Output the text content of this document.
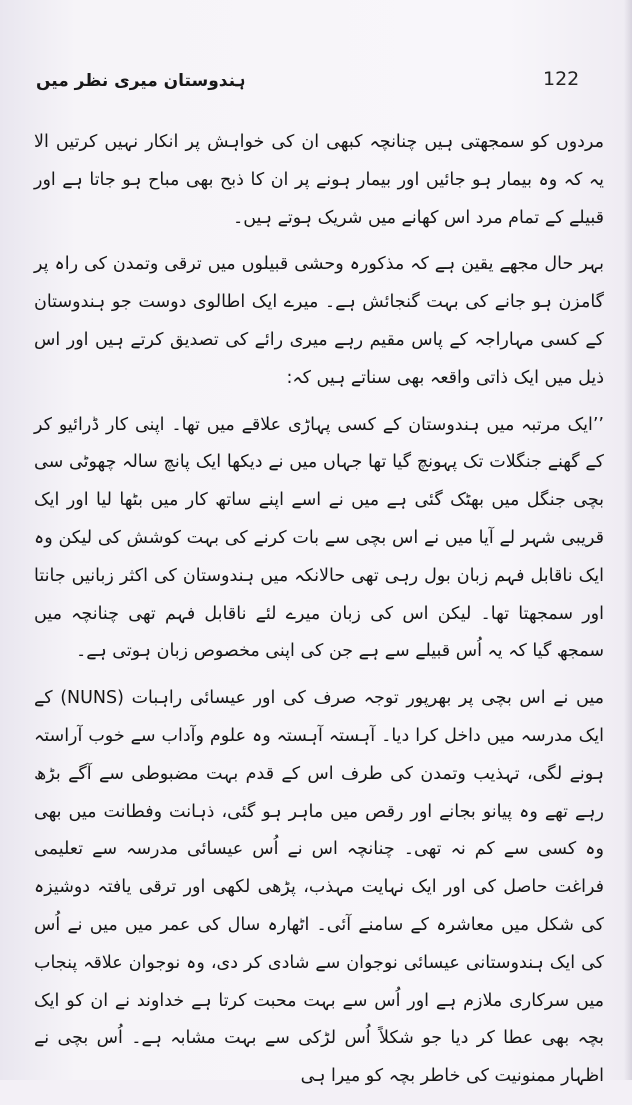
122
ہندوستان میری نظر میں

مردوں کو سمجھتی ہیں چنانچہ کبھی ان کی خواہش پر انکار نہیں کرتیں الا یہ کہ وہ بیمار ہو جائیں اور بیمار ہونے پر ان کا ذبح بھی مباح ہو جاتا ہے اور قبیلے کے تمام مرد اس کھانے میں شریک ہوتے ہیں۔

بہر حال مجھے یقین ہے کہ مذکورہ وحشی قبیلوں میں ترقی وتمدن کی راہ پر گامزن ہو جانے کی بہت گنجائش ہے۔ میرے ایک اطالوی دوست جو ہندوستان کے کسی مہاراجہ کے پاس مقیم رہے میری رائے کی تصدیق کرتے ہیں اور اس ذیل میں ایک ذاتی واقعہ بھی سناتے ہیں کہ:

’’ایک مرتبہ میں ہندوستان کے کسی پہاڑی علاقے میں تھا۔ اپنی کار ڈرائیو کر کے گھنے جنگلات تک پہونچ گیا تھا جہاں میں نے دیکھا ایک پانچ سالہ چھوٹی سی بچی جنگل میں بھٹک گئی ہے میں نے اسے اپنے ساتھ کار میں بٹھا لیا اور ایک قریبی شہر لے آیا میں نے اس بچی سے بات کرنے کی بہت کوشش کی لیکن وہ ایک ناقابل فہم زبان بول رہی تھی حالانکہ میں ہندوستان کی اکثر زبانیں جانتا اور سمجھتا تھا۔ لیکن اس کی زبان میرے لئے ناقابل فہم تھی چنانچہ میں سمجھ گیا کہ یہ اُس قبیلے سے ہے جن کی اپنی مخصوص زبان ہوتی ہے۔

میں نے اس بچی پر بھرپور توجہ صرف کی اور عیسائی راہبات (NUNS) کے ایک مدرسہ میں داخل کرا دیا۔ آہستہ آہستہ وہ علوم وآداب سے خوب آراستہ ہونے لگی، تہذیب وتمدن کی طرف اس کے قدم بہت مضبوطی سے آگے بڑھ رہے تھے وہ پیانو بجانے اور رقص میں ماہر ہو گئی، ذہانت وفطانت میں بھی وہ کسی سے کم نہ تھی۔ چنانچہ اس نے اُس عیسائی مدرسہ سے تعلیمی فراغت حاصل کی اور ایک نہایت مہذب، پڑھی لکھی اور ترقی یافتہ دوشیزہ کی شکل میں معاشرہ کے سامنے آئی۔ اٹھارہ سال کی عمر میں میں نے اُس کی ایک ہندوستانی عیسائی نوجوان سے شادی کر دی، وہ نوجوان علاقہ پنجاب میں سرکاری ملازم ہے اور اُس سے بہت محبت کرتا ہے خداوند نے ان کو ایک بچہ بھی عطا کر دیا جو شکلاً اُس لڑکی سے بہت مشابہ ہے۔ اُس بچی نے اظہار ممنونیت کی خاطر بچہ کو میرا ہی
